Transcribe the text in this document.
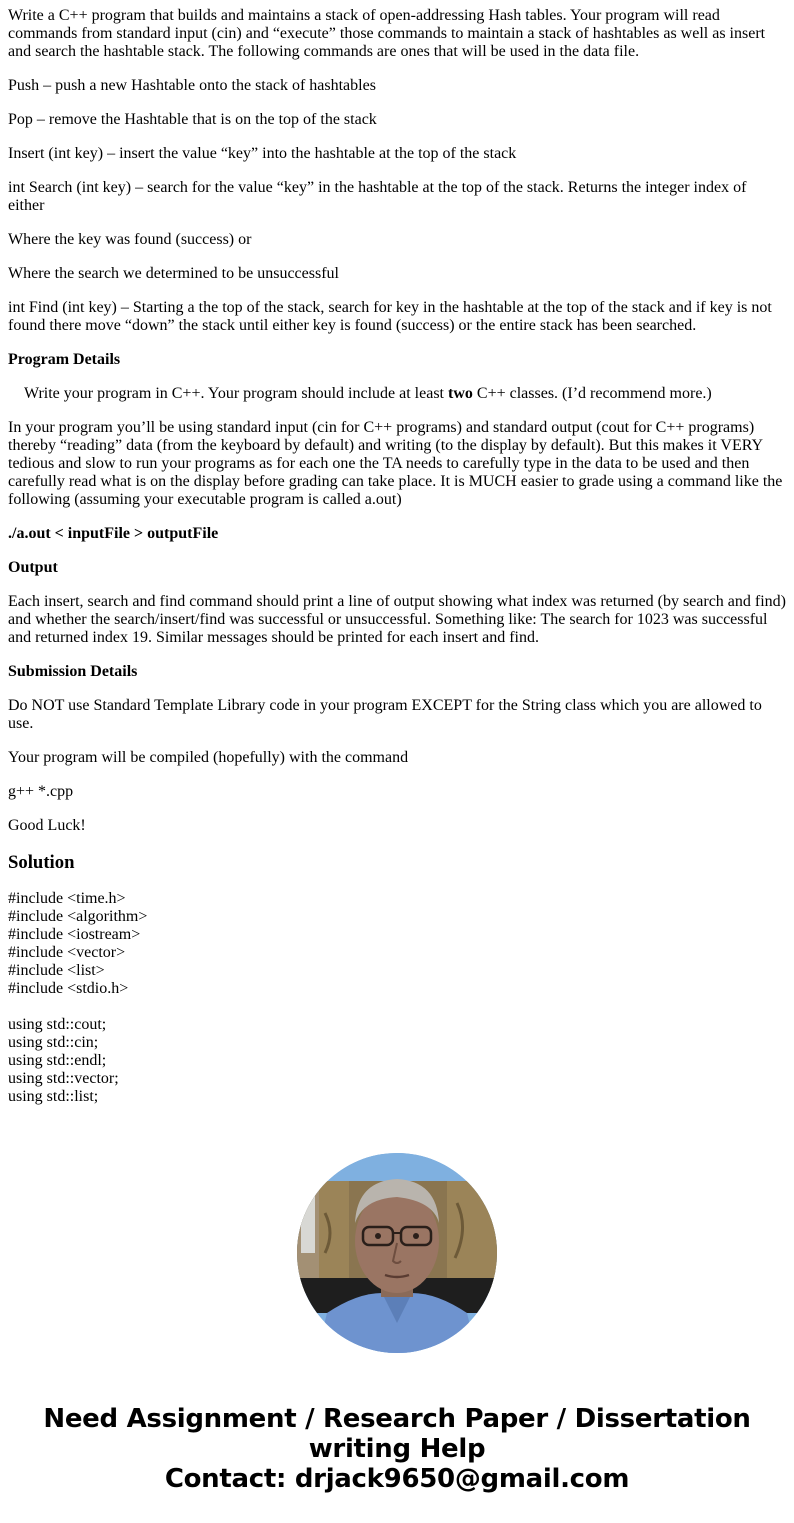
Write a C++ program that builds and maintains a stack of open-addressing Hash tables. Your program will read commands from standard input (cin) and “execute” those commands to maintain a stack of hashtables as well as insert and search the hashtable stack. The following commands are ones that will be used in the data file.

Push – push a new Hashtable onto the stack of hashtables

Pop – remove the Hashtable that is on the top of the stack

Insert (int key) – insert the value “key” into the hashtable at the top of the stack

int Search (int key) – search for the value “key” in the hashtable at the top of the stack. Returns the integer index of either

Where the key was found (success) or

Where the search we determined to be unsuccessful

int Find (int key) – Starting a the top of the stack, search for key in the hashtable at the top of the stack and if key is not found there move “down” the stack until either key is found (success) or the entire stack has been searched.

Program Details

Write your program in C++. Your program should include at least two C++ classes. (I’d recommend more.)

In your program you’ll be using standard input (cin for C++ programs) and standard output (cout for C++ programs) thereby “reading” data (from the keyboard by default) and writing (to the display by default). But this makes it VERY tedious and slow to run your programs as for each one the TA needs to carefully type in the data to be used and then carefully read what is on the display before grading can take place. It is MUCH easier to grade using a command like the following (assuming your executable program is called a.out)

./a.out < inputFile > outputFile

Output

Each insert, search and find command should print a line of output showing what index was returned (by search and find) and whether the search/insert/find was successful or unsuccessful. Something like: The search for 1023 was successful and returned index 19. Similar messages should be printed for each insert and find.

Submission Details

Do NOT use Standard Template Library code in your program EXCEPT for the String class which you are allowed to use.

Your program will be compiled (hopefully) with the command

g++ *.cpp

Good Luck!

Solution
#include <time.h>
#include <algorithm>
#include <iostream>
#include <vector>
#include <list>
#include <stdio.h>
using std::cout;
using std::cin;
using std::endl;
using std::vector;
using std::list;
Need Assignment / Research Paper / Dissertation
writing Help
Contact: drjack9650@gmail.com
